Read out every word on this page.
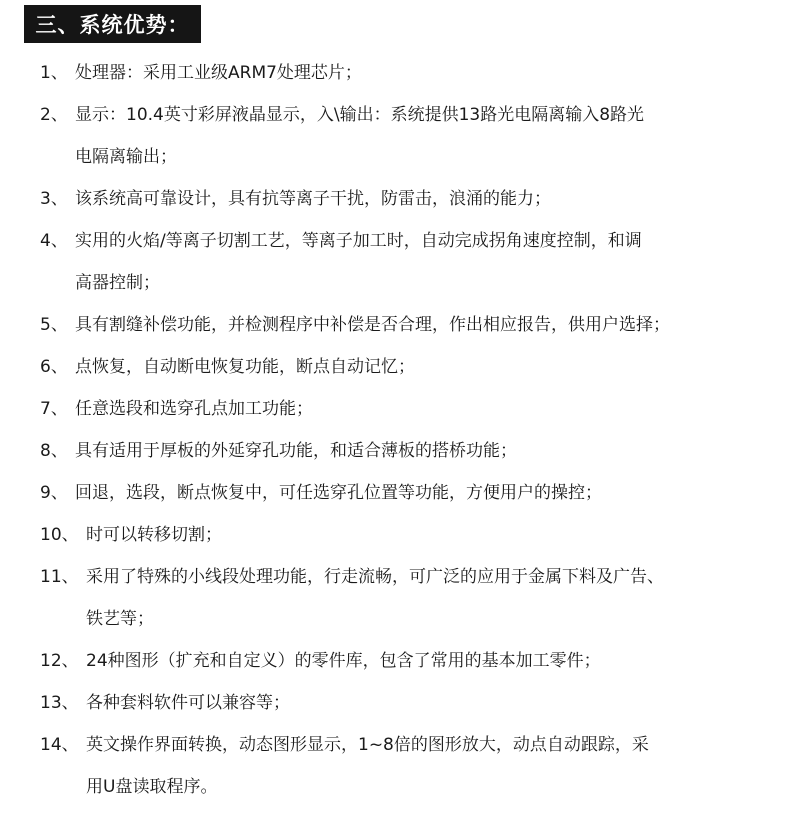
三、系统优势：
1、 处理器：采用工业级ARM7处理芯片；
2、 显示：10.4英寸彩屏液晶显示，入\输出：系统提供13路光电隔离输入8路光
电隔离输出；
3、 该系统高可靠设计，具有抗等离子干扰，防雷击，浪涌的能力；
4、 实用的火焰/等离子切割工艺，等离子加工时，自动完成拐角速度控制，和调
高器控制；
5、 具有割缝补偿功能，并检测程序中补偿是否合理，作出相应报告，供用户选择；
6、 点恢复，自动断电恢复功能，断点自动记忆；
7、 任意选段和选穿孔点加工功能；
8、 具有适用于厚板的外延穿孔功能，和适合薄板的搭桥功能；
9、 回退，选段，断点恢复中，可任选穿孔位置等功能，方便用户的操控；
10、 时可以转移切割；
11、 采用了特殊的小线段处理功能，行走流畅，可广泛的应用于金属下料及广告、
铁艺等；
12、 24种图形（扩充和自定义）的零件库，包含了常用的基本加工零件；
13、 各种套料软件可以兼容等；
14、 英文操作界面转换，动态图形显示，1~8倍的图形放大，动点自动跟踪，采
用U盘读取程序。
